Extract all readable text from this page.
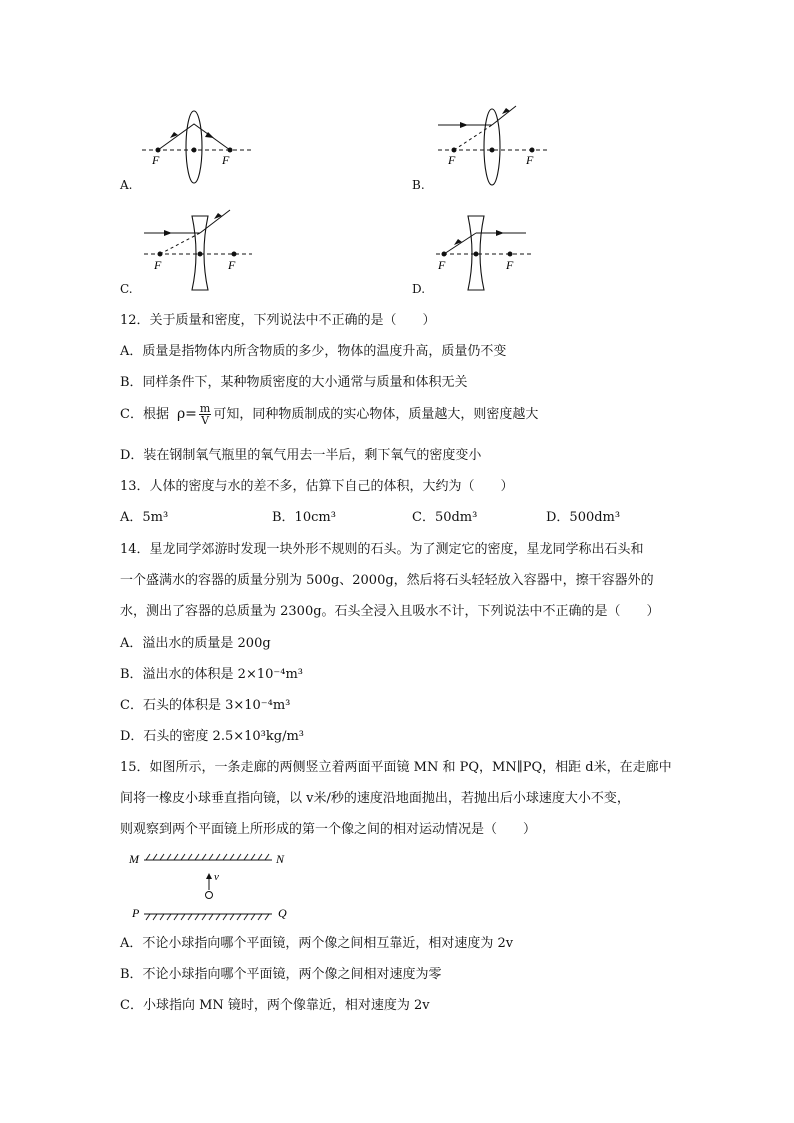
F	F
A.
F	F
B.
F	F
C.
F	F
D.
12．关于质量和密度，下列说法中不正确的是（　　）
A．质量是指物体内所含物质的多少，物体的温度升高，质量仍不变
B．同样条件下，某种物质密度的大小通常与质量和体积无关
C．根据 $\rho= \frac{m}{V}$ 可知，同种物质制成的实心物体，质量越大，则密度越大
D．装在钢制氧气瓶里的氧气用去一半后，剩下氧气的密度变小
13．人体的密度与水的差不多，估算下自己的体积，大约为（　　）
A．5m³	B．10cm³	C．50dm³	D．500dm³
14．星龙同学郊游时发现一块外形不规则的石头。为了测定它的密度，星龙同学称出石头和
一个盛满水的容器的质量分别为 500g、2000g，然后将石头轻轻放入容器中，擦干容器外的
水，测出了容器的总质量为 2300g。石头全浸入且吸水不计，下列说法中不正确的是（　　）
A．溢出水的质量是 200g
B．溢出水的体积是 2×10⁻⁴m³
C．石头的体积是 3×10⁻⁴m³
D．石头的密度 2.5×10³kg/m³
15．如图所示，一条走廊的两侧竖立着两面平面镜 MN 和 PQ，MN∥PQ，相距 d米，在走廊中
间将一橡皮小球垂直指向镜，以 v米/秒的速度沿地面抛出，若抛出后小球速度大小不变，
则观察到两个平面镜上所形成的第一个像之间的相对运动情况是（　　）
M	N
P	Q
v
A．不论小球指向哪个平面镜，两个像之间相互靠近，相对速度为 2v
B．不论小球指向哪个平面镜，两个像之间相对速度为零
C．小球指向 MN 镜时，两个像靠近，相对速度为 2v
